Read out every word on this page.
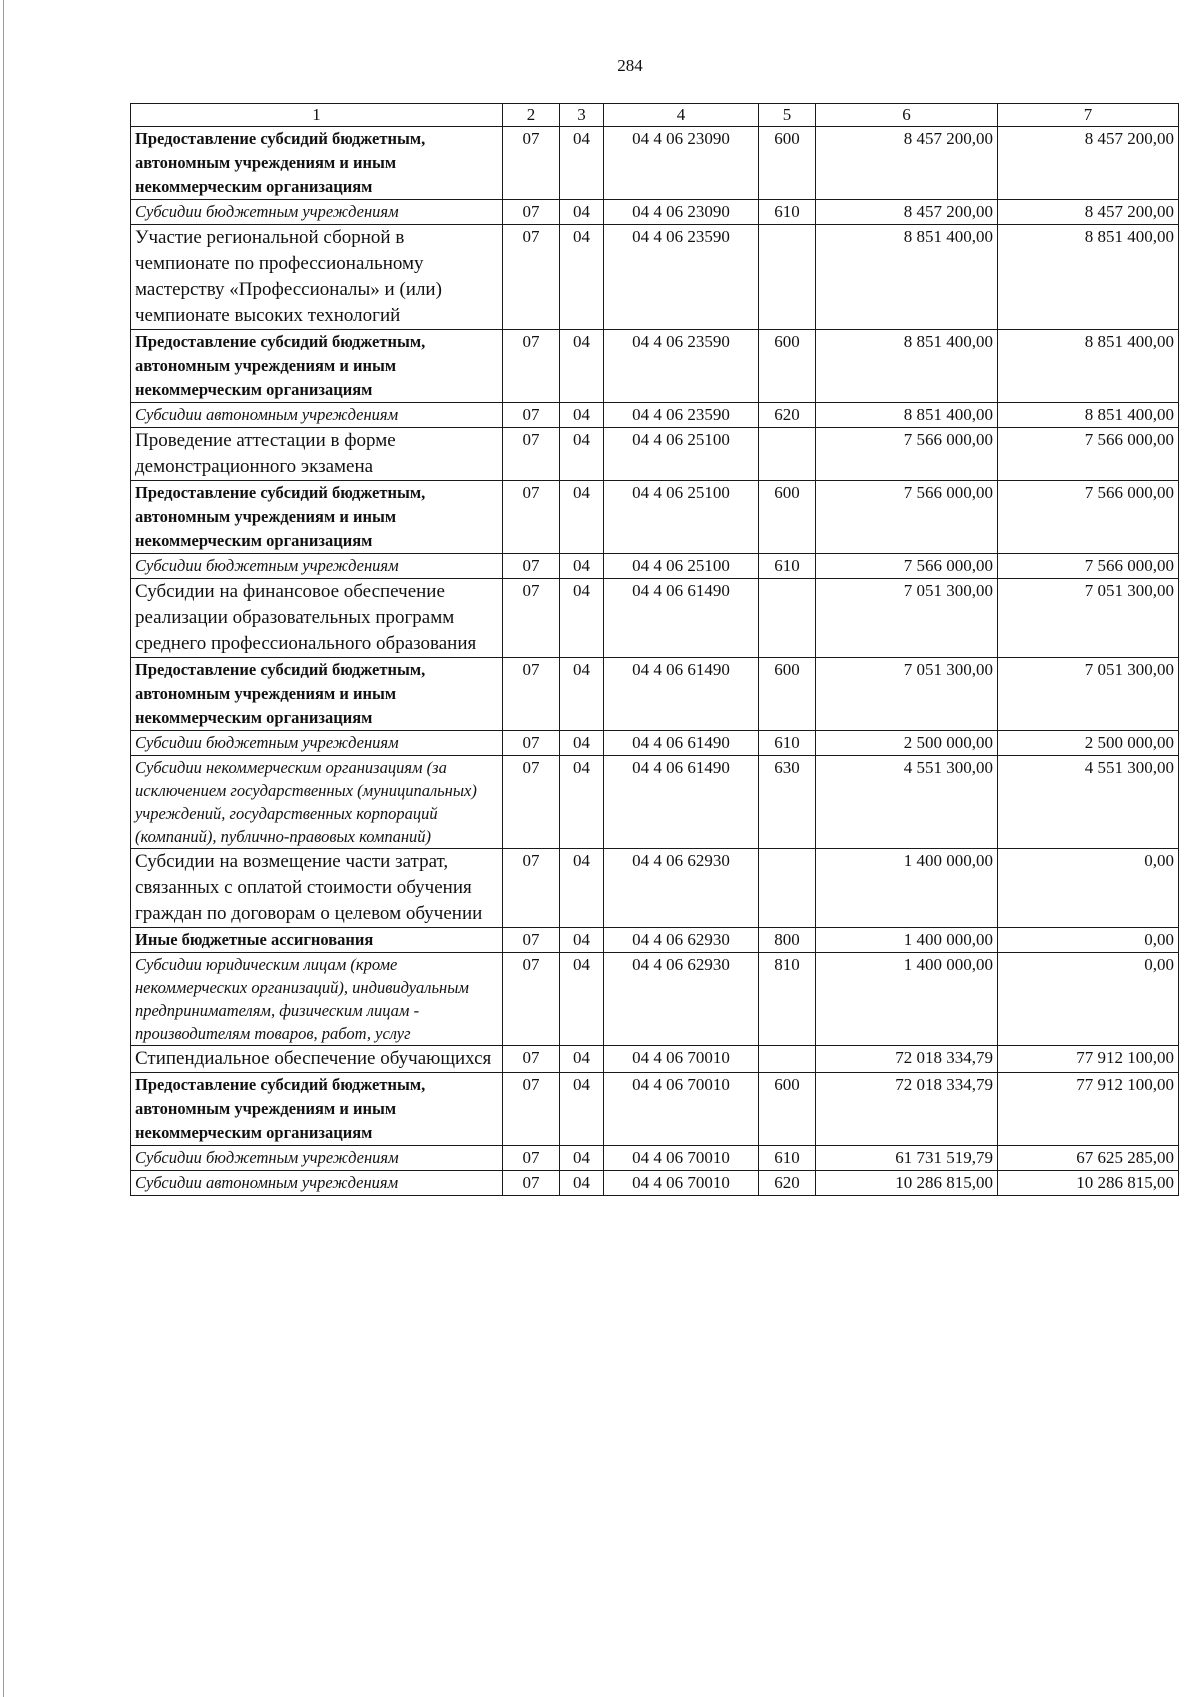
284
1	2	3	4	5	6	7
Предоставление субсидий бюджетным, автономным учреждениям и иным некоммерческим организациям	07	04	04 4 06 23090	600	8 457 200,00	8 457 200,00
Субсидии бюджетным учреждениям	07	04	04 4 06 23090	610	8 457 200,00	8 457 200,00
Участие региональной сборной в чемпионате по профессиональному мастерству «Профессионалы» и (или) чемпионате высоких технологий	07	04	04 4 06 23590		8 851 400,00	8 851 400,00
Предоставление субсидий бюджетным, автономным учреждениям и иным некоммерческим организациям	07	04	04 4 06 23590	600	8 851 400,00	8 851 400,00
Субсидии автономным учреждениям	07	04	04 4 06 23590	620	8 851 400,00	8 851 400,00
Проведение аттестации в форме демонстрационного экзамена	07	04	04 4 06 25100		7 566 000,00	7 566 000,00
Предоставление субсидий бюджетным, автономным учреждениям и иным некоммерческим организациям	07	04	04 4 06 25100	600	7 566 000,00	7 566 000,00
Субсидии бюджетным учреждениям	07	04	04 4 06 25100	610	7 566 000,00	7 566 000,00
Субсидии на финансовое обеспечение реализации образовательных программ среднего профессионального образования	07	04	04 4 06 61490		7 051 300,00	7 051 300,00
Предоставление субсидий бюджетным, автономным учреждениям и иным некоммерческим организациям	07	04	04 4 06 61490	600	7 051 300,00	7 051 300,00
Субсидии бюджетным учреждениям	07	04	04 4 06 61490	610	2 500 000,00	2 500 000,00
Субсидии некоммерческим организациям (за исключением государственных (муниципальных) учреждений, государственных корпораций (компаний), публично-правовых компаний)	07	04	04 4 06 61490	630	4 551 300,00	4 551 300,00
Субсидии на возмещение части затрат, связанных с оплатой стоимости обучения граждан по договорам о целевом обучении	07	04	04 4 06 62930		1 400 000,00	0,00
Иные бюджетные ассигнования	07	04	04 4 06 62930	800	1 400 000,00	0,00
Субсидии юридическим лицам (кроме некоммерческих организаций), индивидуальным предпринимателям, физическим лицам - производителям товаров, работ, услуг	07	04	04 4 06 62930	810	1 400 000,00	0,00
Стипендиальное обеспечение обучающихся	07	04	04 4 06 70010		72 018 334,79	77 912 100,00
Предоставление субсидий бюджетным, автономным учреждениям и иным некоммерческим организациям	07	04	04 4 06 70010	600	72 018 334,79	77 912 100,00
Субсидии бюджетным учреждениям	07	04	04 4 06 70010	610	61 731 519,79	67 625 285,00
Субсидии автономным учреждениям	07	04	04 4 06 70010	620	10 286 815,00	10 286 815,00
